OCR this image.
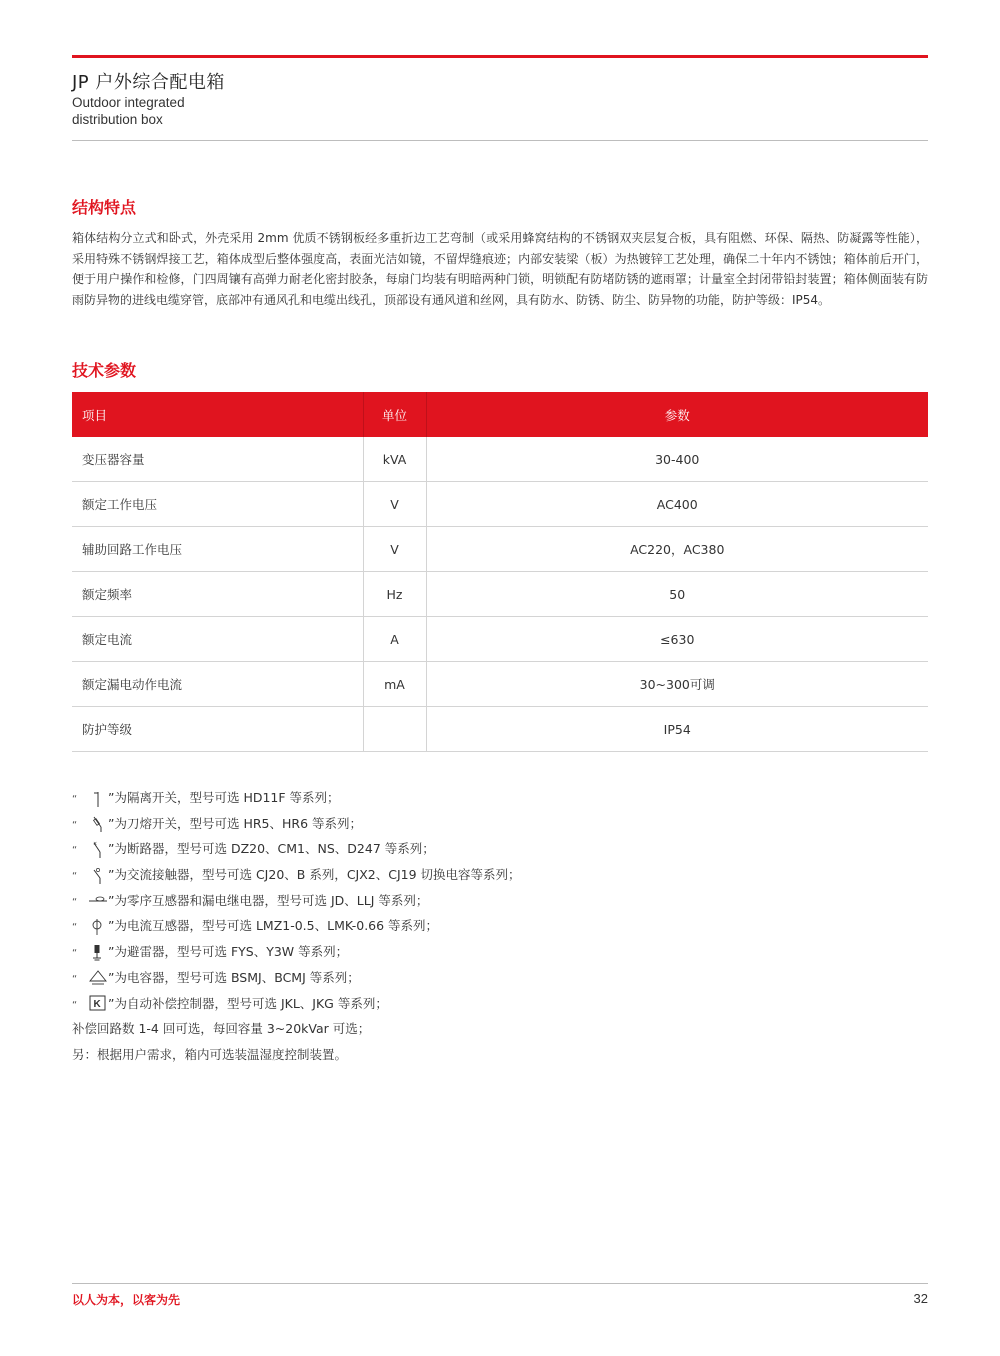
JP 户外综合配电箱
Outdoor integrated
distribution box
结构特点
箱体结构分立式和卧式，外壳采用 2mm 优质不锈钢板经多重折边工艺弯制（或采用蜂窝结构的不锈钢双夹层复合板，具有阻燃、环保、隔热、防凝露等性能），采用特殊不锈钢焊接工艺，箱体成型后整体强度高，表面光洁如镜，不留焊缝痕迹；内部安装梁（板）为热镀锌工艺处理，确保二十年内不锈蚀；箱体前后开门，便于用户操作和检修，门四周镶有高弹力耐老化密封胶条，每扇门均装有明暗两种门锁，明锁配有防堵防锈的遮雨罩；计量室全封闭带铅封装置；箱体侧面装有防雨防异物的进线电缆穿管，底部冲有通风孔和电缆出线孔，顶部设有通风道和丝网，具有防水、防锈、防尘、防异物的功能，防护等级：IP54。
技术参数
项目	单位	参数
变压器容量	kVA	30-400
额定工作电压	V	AC400
辅助回路工作电压	V	AC220，AC380
额定频率	Hz	50
额定电流	A	≤630
额定漏电动作电流	mA	30~300可调
防护等级		IP54
“ ”为隔离开关，型号可选 HD11F 等系列；
“ ”为刀熔开关，型号可选 HR5、HR6 等系列；
“
× ”为断路器，型号可选 DZ20、CM1、NS、D247 等系列；
“ ”为交流接触器，型号可选 CJ20、B 系列，CJX2、CJ19 切换电容等系列；
“ ”为零序互感器和漏电继电器，型号可选 JD、LLJ 等系列；
“ ”为电流互感器，型号可选 LMZ1-0.5、LMK-0.66 等系列；
“ ”为避雷器，型号可选 FYS、Y3W 等系列；
“ ”为电容器，型号可选 BSMJ、BCMJ 等系列；
“ K ”为自动补偿控制器，型号可选 JKL、JKG 等系列；
补偿回路数 1-4 回可选，每回容量 3~20kVar 可选；
另：根据用户需求，箱内可选装温湿度控制装置。
以人为本，以客为先	32
